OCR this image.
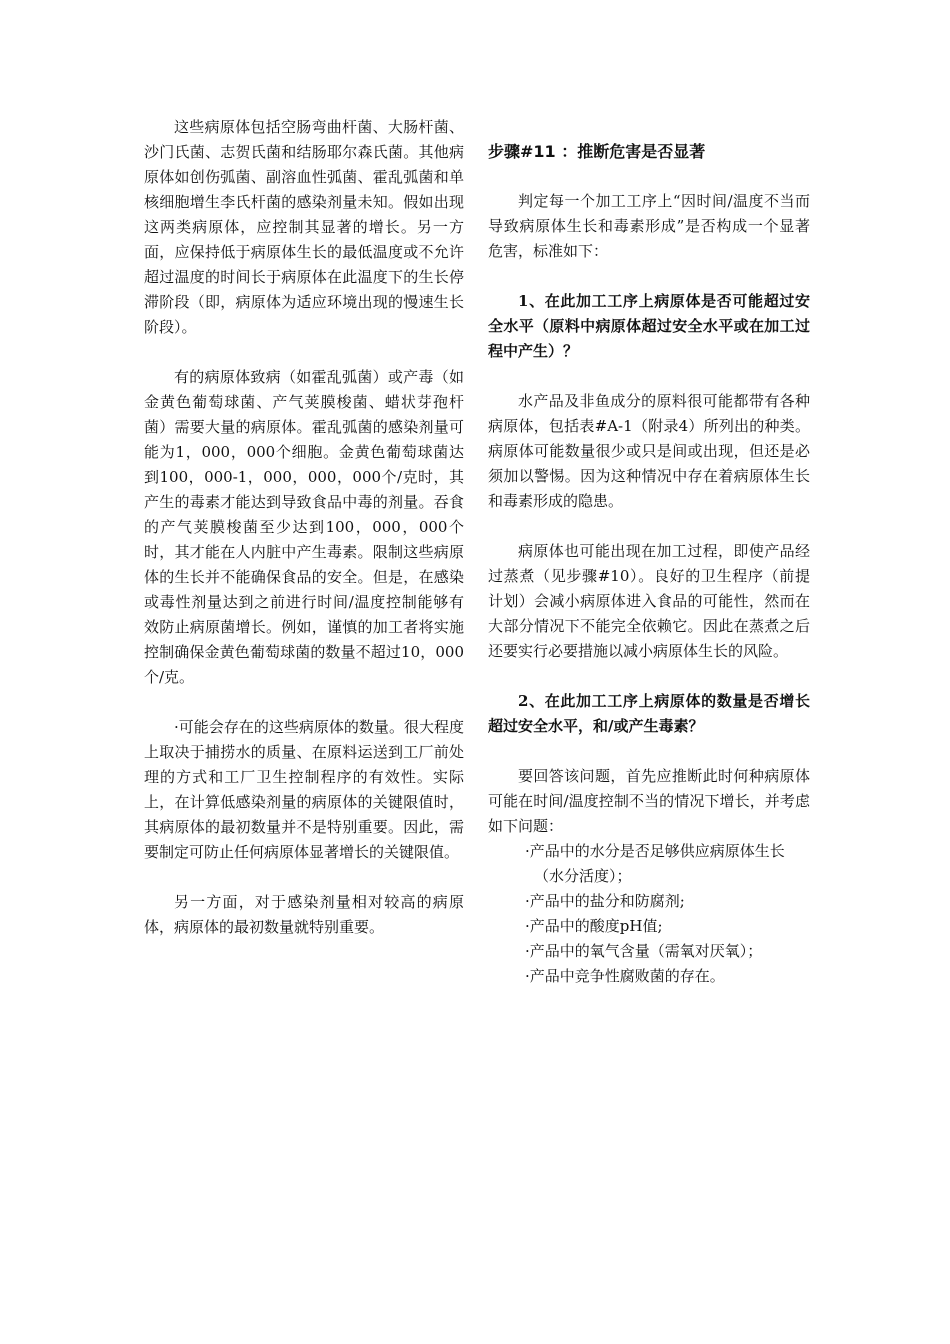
这些病原体包括空肠弯曲杆菌、大肠杆菌、沙门氏菌、志贺氏菌和结肠耶尔森氏菌。其他病原体如创伤弧菌、副溶血性弧菌、霍乱弧菌和单核细胞增生李氏杆菌的感染剂量未知。假如出现这两类病原体，应控制其显著的增长。另一方面，应保持低于病原体生长的最低温度或不允许超过温度的时间长于病原体在此温度下的生长停滞阶段（即，病原体为适应环境出现的慢速生长阶段）。

有的病原体致病（如霍乱弧菌）或产毒（如金黄色葡萄球菌、产气荚膜梭菌、蜡状芽孢杆菌）需要大量的病原体。霍乱弧菌的感染剂量可能为1，000，000个细胞。金黄色葡萄球菌达到100，000-1，000，000，000个/克时，其产生的毒素才能达到导致食品中毒的剂量。吞食的产气荚膜梭菌至少达到100，000，000个时，其才能在人内脏中产生毒素。限制这些病原体的生长并不能确保食品的安全。但是，在感染或毒性剂量达到之前进行时间/温度控制能够有效防止病原菌增长。例如，谨慎的加工者将实施控制确保金黄色葡萄球菌的数量不超过10，000个/克。

·可能会存在的这些病原体的数量。很大程度上取决于捕捞水的质量、在原料运送到工厂前处理的方式和工厂卫生控制程序的有效性。实际上，在计算低感染剂量的病原体的关键限值时，其病原体的最初数量并不是特别重要。因此，需要制定可防止任何病原体显著增长的关键限值。

另一方面，对于感染剂量相对较高的病原体，病原体的最初数量就特别重要。

步骤#11 ：推断危害是否显著

判定每一个加工工序上“因时间/温度不当而导致病原体生长和毒素形成”是否构成一个显著危害，标准如下：

1、在此加工工序上病原体是否可能超过安全水平（原料中病原体超过安全水平或在加工过程中产生）？

水产品及非鱼成分的原料很可能都带有各种病原体，包括表#A-1（附录4）所列出的种类。病原体可能数量很少或只是间或出现，但还是必须加以警惕。因为这种情况中存在着病原体生长和毒素形成的隐患。

病原体也可能出现在加工过程，即使产品经过蒸煮（见步骤#10）。良好的卫生程序（前提计划）会减小病原体进入食品的可能性，然而在大部分情况下不能完全依赖它。因此在蒸煮之后还要实行必要措施以减小病原体生长的风险。

2、在此加工工序上病原体的数量是否增长超过安全水平，和/或产生毒素？

要回答该问题，首先应推断此时何种病原体可能在时间/温度控制不当的情况下增长，并考虑如下问题：

·产品中的水分是否足够供应病原体生长（水分活度）；
·产品中的盐分和防腐剂;
·产品中的酸度pH值;
·产品中的氧气含量（需氧对厌氧）；
·产品中竞争性腐败菌的存在。
